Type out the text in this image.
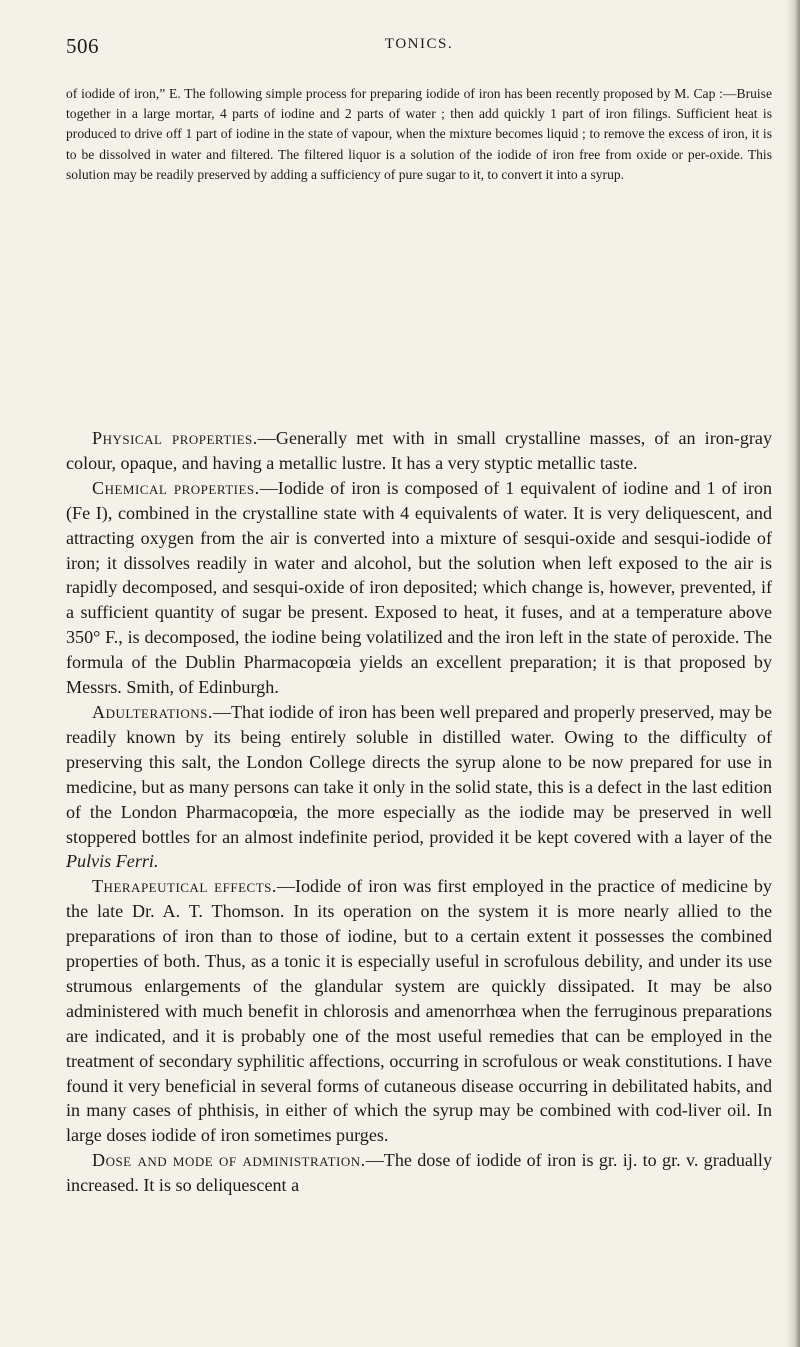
506	TONICS.

of iodide of iron,” E. The following simple process for preparing iodide of iron has been recently proposed by M. Cap :—Bruise together in a large mortar, 4 parts of iodine and 2 parts of water ; then add quickly 1 part of iron filings. Sufficient heat is produced to drive off 1 part of iodine in the state of vapour, when the mixture becomes liquid ; to remove the excess of iron, it is to be dissolved in water and filtered. The filtered liquor is a solution of the iodide of iron free from oxide or per-oxide. This solution may be readily preserved by adding a sufficiency of pure sugar to it, to convert it into a syrup.

Physical properties.—Generally met with in small crystalline masses, of an iron-gray colour, opaque, and having a metallic lustre. It has a very styptic metallic taste.

Chemical properties.—Iodide of iron is composed of 1 equivalent of iodine and 1 of iron (Fe I), combined in the crystalline state with 4 equivalents of water. It is very deliquescent, and attracting oxygen from the air is converted into a mixture of sesqui-oxide and sesqui-iodide of iron; it dissolves readily in water and alcohol, but the solution when left exposed to the air is rapidly decomposed, and sesqui-oxide of iron deposited; which change is, however, prevented, if a sufficient quantity of sugar be present. Exposed to heat, it fuses, and at a temperature above 350° F., is decomposed, the iodine being volatilized and the iron left in the state of peroxide. The formula of the Dublin Pharmacopœia yields an excellent preparation; it is that proposed by Messrs. Smith, of Edinburgh.

Adulterations.—That iodide of iron has been well prepared and properly preserved, may be readily known by its being entirely soluble in distilled water. Owing to the difficulty of preserving this salt, the London College directs the syrup alone to be now prepared for use in medicine, but as many persons can take it only in the solid state, this is a defect in the last edition of the London Pharmacopœia, the more especially as the iodide may be preserved in well stoppered bottles for an almost indefinite period, provided it be kept covered with a layer of the Pulvis Ferri.

Therapeutical effects.—Iodide of iron was first employed in the practice of medicine by the late Dr. A. T. Thomson. In its operation on the system it is more nearly allied to the preparations of iron than to those of iodine, but to a certain extent it possesses the combined properties of both. Thus, as a tonic it is especially useful in scrofulous debility, and under its use strumous enlargements of the glandular system are quickly dissipated. It may be also administered with much benefit in chlorosis and amenorrhœa when the ferruginous preparations are indicated, and it is probably one of the most useful remedies that can be employed in the treatment of secondary syphilitic affections, occurring in scrofulous or weak constitutions. I have found it very beneficial in several forms of cutaneous disease occurring in debilitated habits, and in many cases of phthisis, in either of which the syrup may be combined with cod-liver oil. In large doses iodide of iron sometimes purges.

Dose and mode of administration.—The dose of iodide of iron is gr. ij. to gr. v. gradually increased. It is so deliquescent a
